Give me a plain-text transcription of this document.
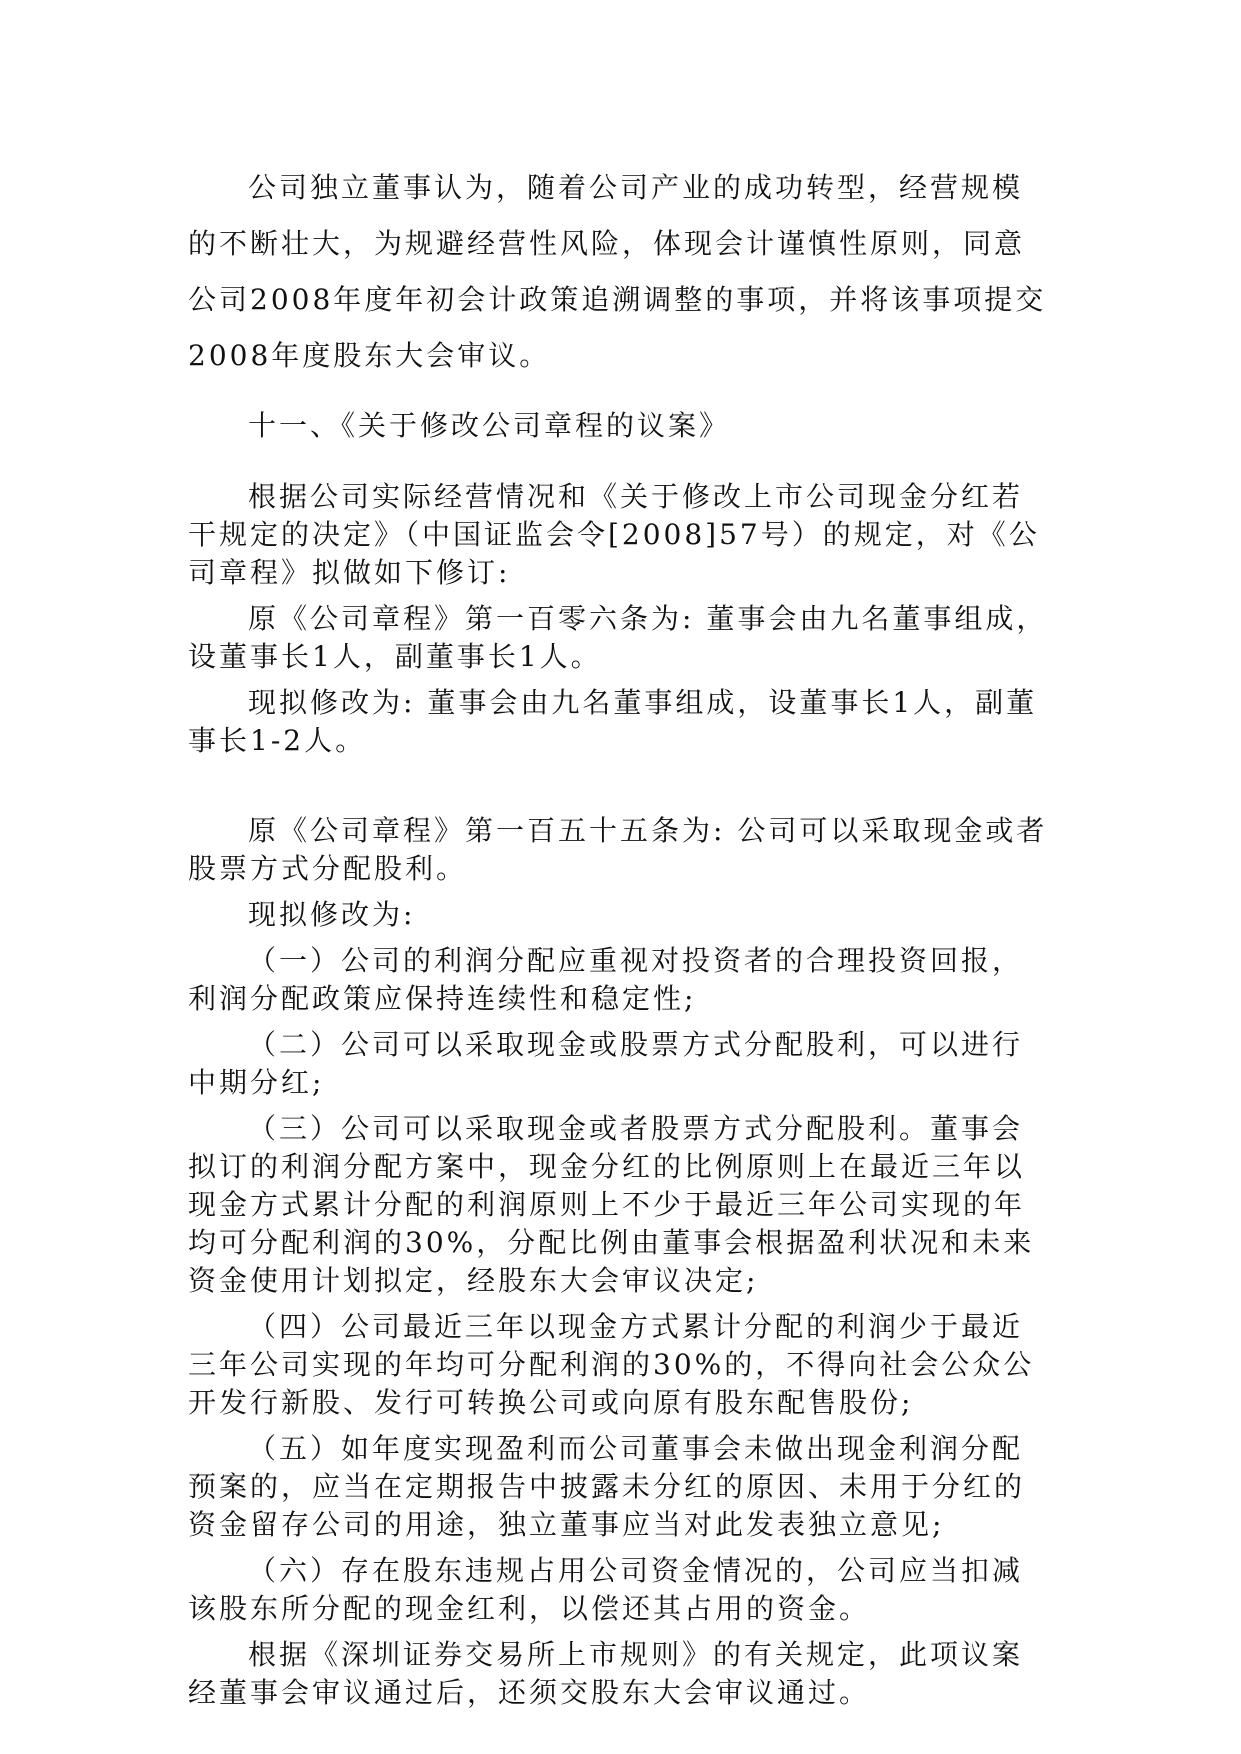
公司独立董事认为，随着公司产业的成功转型，经营规模的不断壮大，为规避经营性风险，体现会计谨慎性原则，同意公司2008年度年初会计政策追溯调整的事项，并将该事项提交2008年度股东大会审议。

十一、《关于修改公司章程的议案》

根据公司实际经营情况和《关于修改上市公司现金分红若干规定的决定》（中国证监会令[2008]57号）的规定，对《公司章程》拟做如下修订:

原《公司章程》第一百零六条为: 董事会由九名董事组成，设董事长1人，副董事长1人。

现拟修改为: 董事会由九名董事组成，设董事长1人，副董事长1-2人。

原《公司章程》第一百五十五条为: 公司可以采取现金或者股票方式分配股利。

现拟修改为:

（一）公司的利润分配应重视对投资者的合理投资回报，利润分配政策应保持连续性和稳定性;

（二）公司可以采取现金或股票方式分配股利，可以进行中期分红;

（三）公司可以采取现金或者股票方式分配股利。董事会拟订的利润分配方案中，现金分红的比例原则上在最近三年以现金方式累计分配的利润原则上不少于最近三年公司实现的年均可分配利润的30%，分配比例由董事会根据盈利状况和未来资金使用计划拟定，经股东大会审议决定;

（四）公司最近三年以现金方式累计分配的利润少于最近三年公司实现的年均可分配利润的30%的，不得向社会公众公开发行新股、发行可转换公司或向原有股东配售股份;

（五）如年度实现盈利而公司董事会未做出现金利润分配预案的，应当在定期报告中披露未分红的原因、未用于分红的资金留存公司的用途，独立董事应当对此发表独立意见;

（六）存在股东违规占用公司资金情况的，公司应当扣减该股东所分配的现金红利，以偿还其占用的资金。

根据《深圳证券交易所上市规则》的有关规定，此项议案经董事会审议通过后，还须交股东大会审议通过。
